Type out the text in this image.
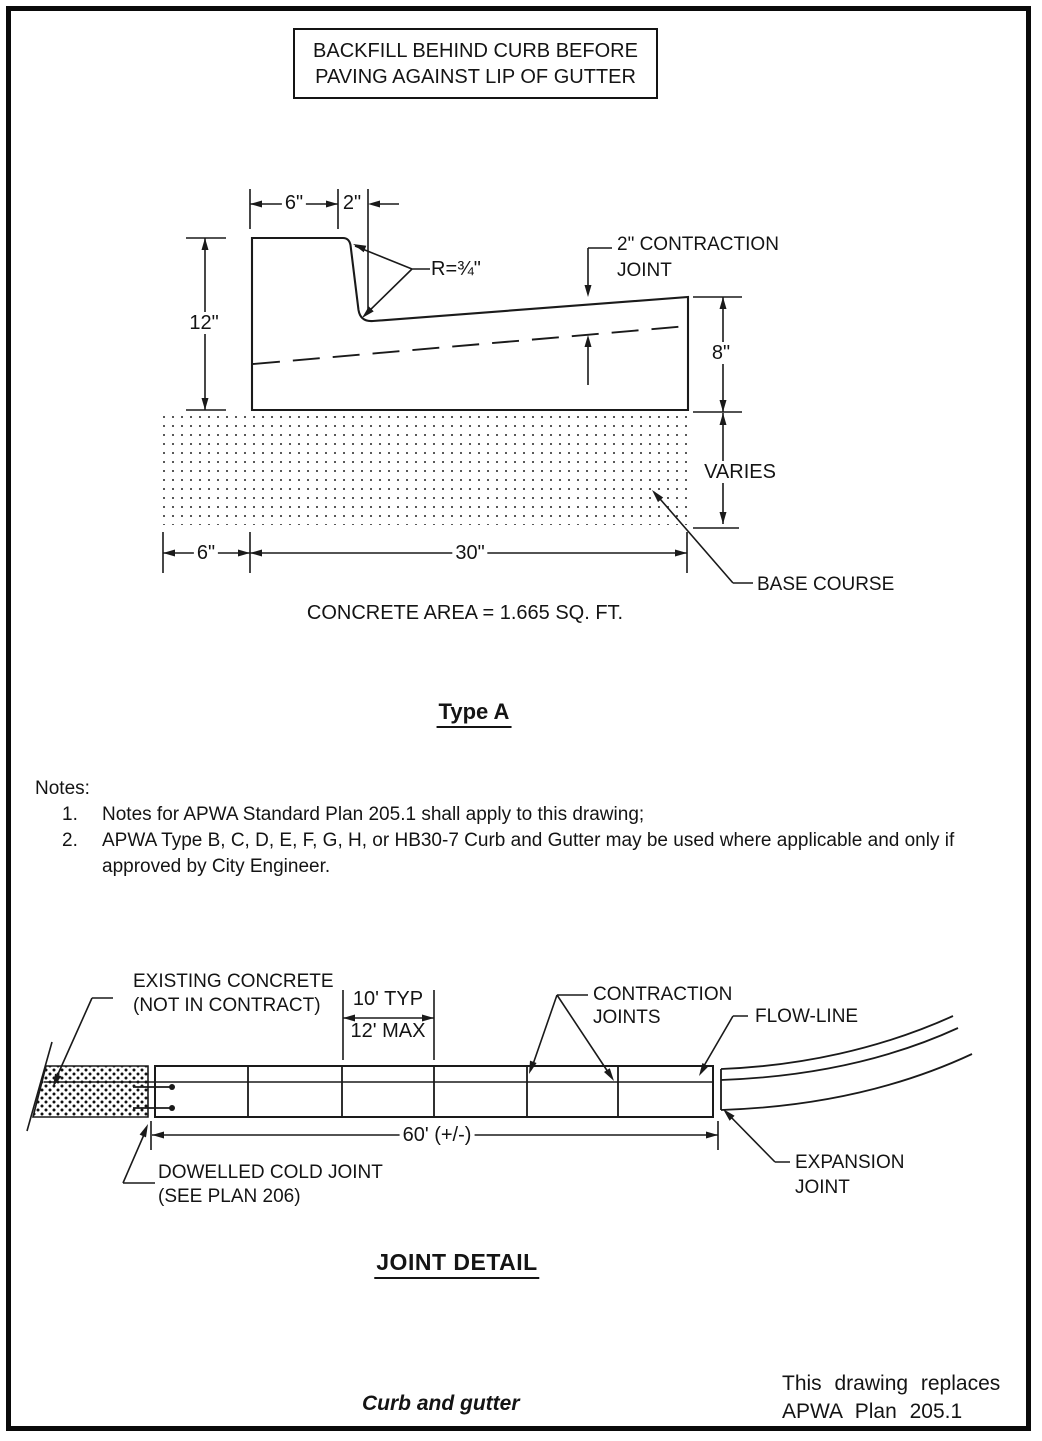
BACKFILL BEHIND CURB BEFORE
PAVING AGAINST LIP OF GUTTER
6" 2"
12"
R=¾"
2" CONTRACTION
JOINT
8"
VARIES
BASE COURSE
6"	30"
CONCRETE AREA = 1.665 SQ. FT.
Type A
Notes:
1.	Notes for APWA Standard Plan 205.1 shall apply to this drawing;
2.	APWA Type B, C, D, E, F, G, H, or HB30-7 Curb and Gutter may be used where applicable and only if approved by City Engineer.
EXISTING CONCRETE
(NOT IN CONTRACT)	10' TYP
12' MAX
CONTRACTION
JOINTS	FLOW-LINE
EXPANSION
JOINT
60' (+/-)
DOWELLED COLD JOINT
(SEE PLAN 206)
JOINT DETAIL
Curb and gutter
This drawing replaces
APWA Plan 205.1
